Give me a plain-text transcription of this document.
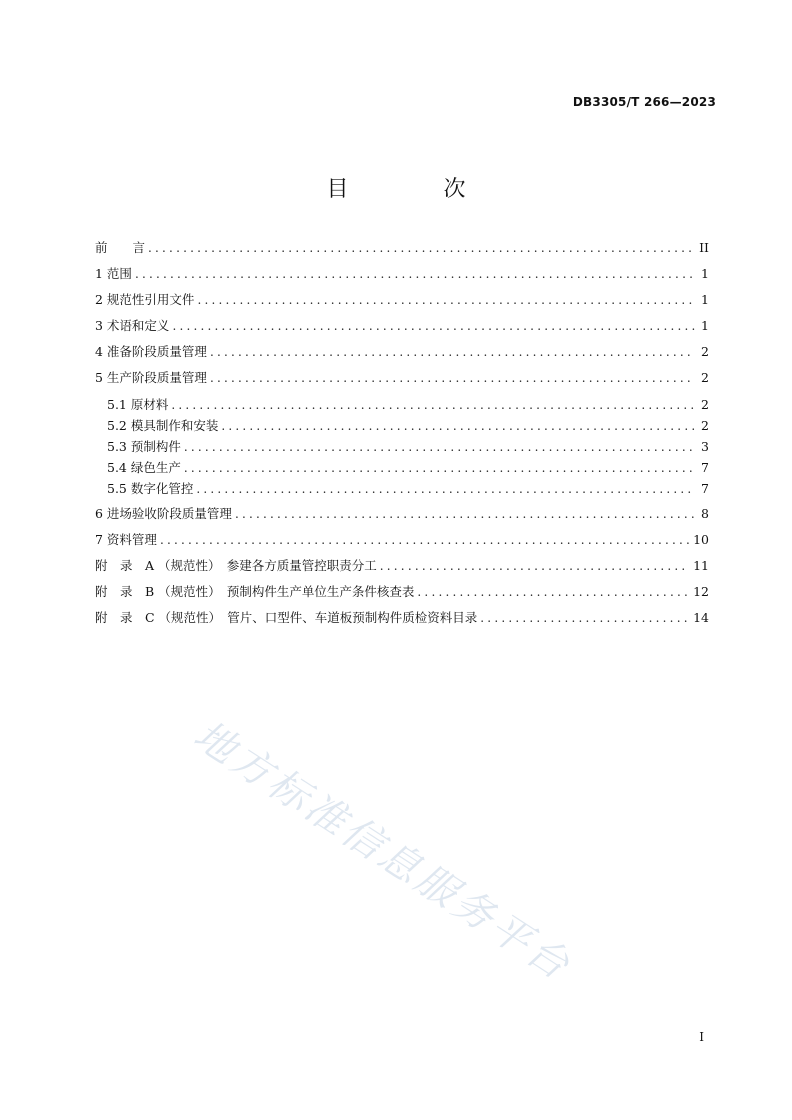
DB3305/T 266—2023
目 次
前　　言 .....	II
1 范围 .....	1
2 规范性引用文件 .....	1
3 术语和定义 .....	1
4 准备阶段质量管理 .....	2
5 生产阶段质量管理 .....	2
5.1 原材料 .....	2
5.2 模具制作和安装 .....	2
5.3 预制构件 .....	3
5.4 绿色生产 .....	7
5.5 数字化管控 .....	7
6 进场验收阶段质量管理 .....	8
7 资料管理 .....	10
附　录　A （规范性）　参建各方质量管控职责分工 .....	11
附　录　B （规范性）　预制构件生产单位生产条件核查表 .....	12
附　录　C （规范性）　管片、口型件、车道板预制构件质检资料目录 .....	14
地方标准信息服务平台
I
